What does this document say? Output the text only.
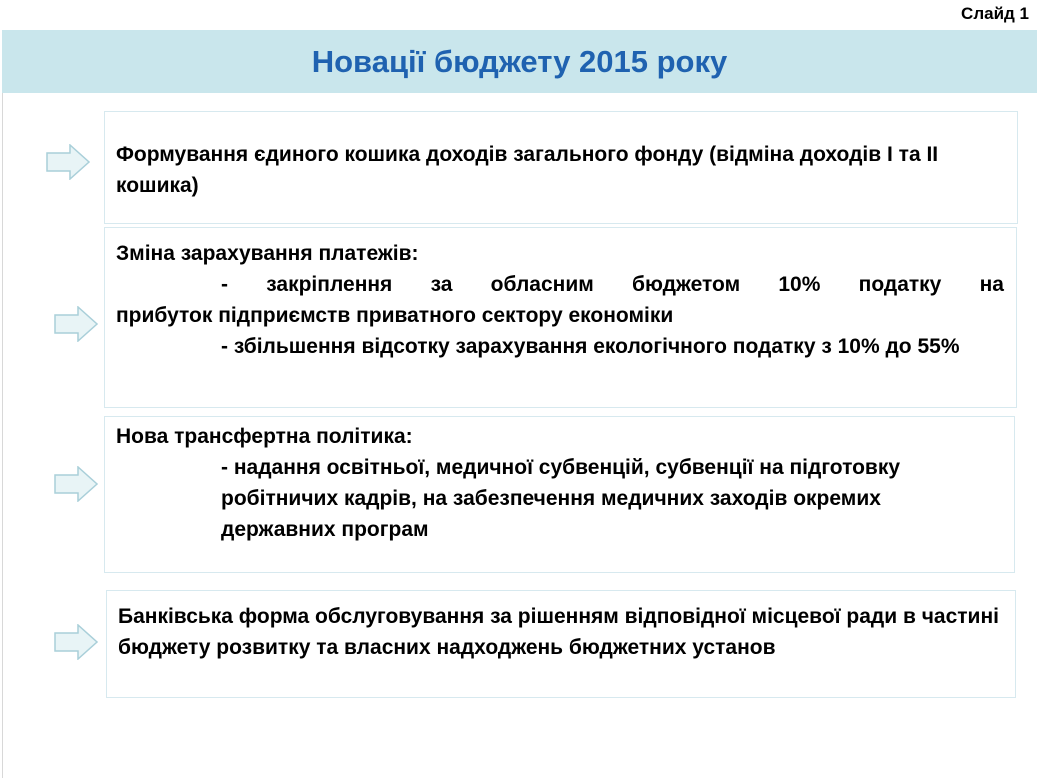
Слайд 1
Новації бюджету 2015 року

Формування єдиного кошика доходів загального фонду (відміна доходів І та ІІ кошика)

Зміна зарахування платежів:

- закріплення за обласним бюджетом 10% податку на

прибуток підприємств приватного сектору економіки

- збільшення відсотку зарахування екологічного податку з 10% до 55%

Нова трансфертна політика:

- надання освітньої, медичної субвенцій, субвенції на підготовку робітничих кадрів, на забезпечення медичних заходів окремих державних програм

Банківська форма обслуговування за рішенням відповідної місцевої ради в частині бюджету розвитку та власних надходжень бюджетних установ
